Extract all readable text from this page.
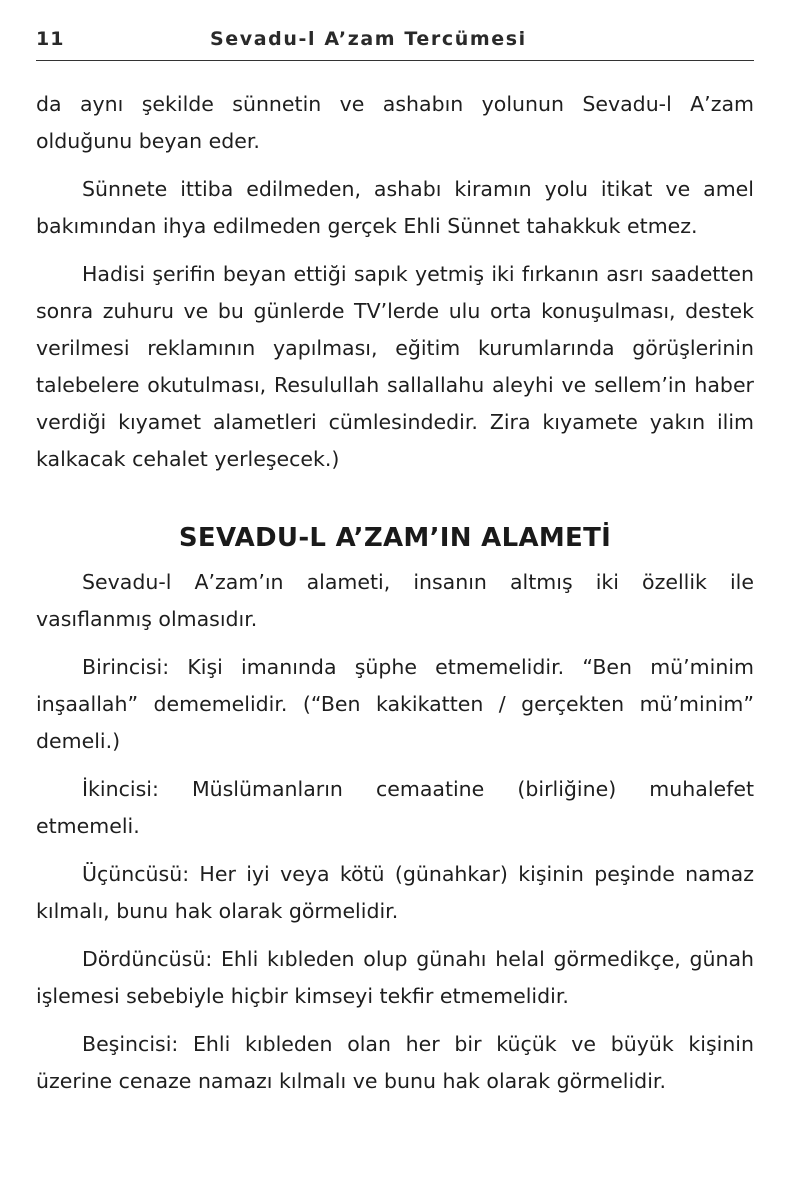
11	Sevadu-l A’zam Tercümesi

da aynı şekilde sünnetin ve ashabın yolunun Sevadu-l A’zam olduğunu beyan eder.

Sünnete ittiba edilmeden, ashabı kiramın yolu itikat ve amel bakımından ihya edilmeden gerçek Ehli Sünnet tahakkuk etmez.

Hadisi şerifin beyan ettiği sapık yetmiş iki fırkanın asrı saadetten sonra zuhuru ve bu günlerde TV’lerde ulu orta konuşulması, destek verilmesi reklamının yapılması, eğitim kurumlarında görüşlerinin talebelere okutulması, Resulullah sallallahu aleyhi ve sellem’in haber verdiği kıyamet alametleri cümlesindedir. Zira kıyamete yakın ilim kalkacak cehalet yerleşecek.)

SEVADU-L A’ZAM’IN ALAMETİ

Sevadu-l A’zam’ın alameti, insanın altmış iki özellik ile vasıflanmış olmasıdır.

Birincisi: Kişi imanında şüphe etmemelidir. “Ben mü’minim inşaallah” dememelidir. (“Ben kakikatten / gerçekten mü’minim” demeli.)

İkincisi: Müslümanların cemaatine (birliğine) muhalefet etmemeli.

Üçüncüsü: Her iyi veya kötü (günahkar) kişinin peşinde namaz kılmalı, bunu hak olarak görmelidir.

Dördüncüsü: Ehli kıbleden olup günahı helal görmedikçe, günah işlemesi sebebiyle hiçbir kimseyi tekfir etmemelidir.

Beşincisi: Ehli kıbleden olan her bir küçük ve büyük kişinin üzerine cenaze namazı kılmalı ve bunu hak olarak görmelidir.
